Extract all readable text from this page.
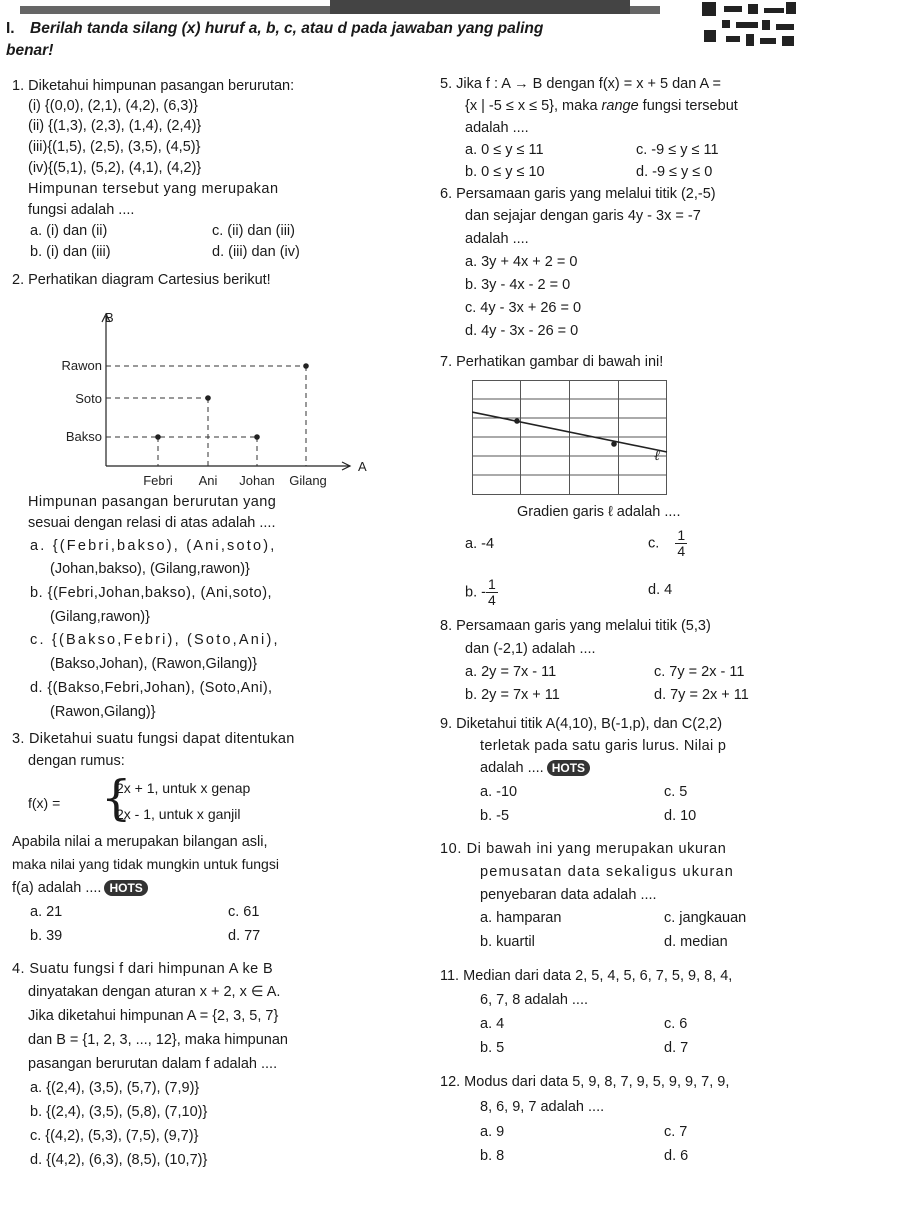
I. Berilah tanda silang (x) huruf a, b, c, atau d pada jawaban yang paling
benar!
1. Diketahui himpunan pasangan berurutan:
(i) {(0,0), (2,1), (4,2), (6,3)}
(ii) {(1,3), (2,3), (1,4), (2,4)}
(iii){(1,5), (2,5), (3,5), (4,5)}
(iv){(5,1), (5,2), (4,1), (4,2)}
Himpunan tersebut yang merupakan
fungsi adalah ....
a. (i) dan (ii)	c. (ii) dan (iii)
b. (i) dan (iii)	d. (iii) dan (iv)
2. Perhatikan diagram Cartesius berikut!
B
A
Rawon
Soto
Bakso
Febri Ani Johan Gilang
Himpunan pasangan berurutan yang
sesuai dengan relasi di atas adalah ....
a. {(Febri,bakso), (Ani,soto),
(Johan,bakso), (Gilang,rawon)}
b. {(Febri,Johan,bakso), (Ani,soto),
(Gilang,rawon)}
c. {(Bakso,Febri), (Soto,Ani),
(Bakso,Johan), (Rawon,Gilang)}
d. {(Bakso,Febri,Johan), (Soto,Ani),
(Rawon,Gilang)}
3. Diketahui suatu fungsi dapat ditentukan
dengan rumus:
f(x) = {
2x + 1, untuk x genap
2x - 1, untuk x ganjil
Apabila nilai a merupakan bilangan asli,
maka nilai yang tidak mungkin untuk fungsi
f(a) adalah .... HOTS
a. 21	c. 61
b. 39	d. 77
4. Suatu fungsi f dari himpunan A ke B
dinyatakan dengan aturan x + 2, x ∈ A.
Jika diketahui himpunan A = {2, 3, 5, 7}
dan B = {1, 2, 3, ..., 12}, maka himpunan
pasangan berurutan dalam f adalah ....
a. {(2,4), (3,5), (5,7), (7,9)}
b. {(2,4), (3,5), (5,8), (7,10)}
c. {(4,2), (5,3), (7,5), (9,7)}
d. {(4,2), (6,3), (8,5), (10,7)}
5. Jika f : A → B dengan f(x) = x + 5 dan A =
{x | -5 ≤ x ≤ 5}, maka range fungsi tersebut
adalah ....
a. 0 ≤ y ≤ 11	c. -9 ≤ y ≤ 11
b. 0 ≤ y ≤ 10	d. -9 ≤ y ≤ 0
6. Persamaan garis yang melalui titik (2,-5)
dan sejajar dengan garis 4y - 3x = -7
adalah ....
a. 3y + 4x + 2 = 0
b. 3y - 4x - 2 = 0
c. 4y - 3x + 26 = 0
d. 4y - 3x - 26 = 0
7. Perhatikan gambar di bawah ini!
ℓ
Gradien garis ℓ adalah ....
a. -4	c. $\frac{1}{4}$
b. - $\frac{1}{4}$	d. 4
8. Persamaan garis yang melalui titik (5,3)
dan (-2,1) adalah ....
a. 2y = 7x - 11	c. 7y = 2x - 11
b. 2y = 7x + 11	d. 7y = 2x + 11
9. Diketahui titik A(4,10), B(-1,p), dan C(2,2)
terletak pada satu garis lurus. Nilai p
adalah .... HOTS
a. -10	c. 5
b. -5	d. 10
10. Di bawah ini yang merupakan ukuran
pemusatan data sekaligus ukuran
penyebaran data adalah ....
a. hamparan	c. jangkauan
b. kuartil	d. median
11. Median dari data 2, 5, 4, 5, 6, 7, 5, 9, 8, 4,
6, 7, 8 adalah ....
a. 4	c. 6
b. 5	d. 7
12. Modus dari data 5, 9, 8, 7, 9, 5, 9, 9, 7, 9,
8, 6, 9, 7 adalah ....
a. 9	c. 7
b. 8	d. 6
